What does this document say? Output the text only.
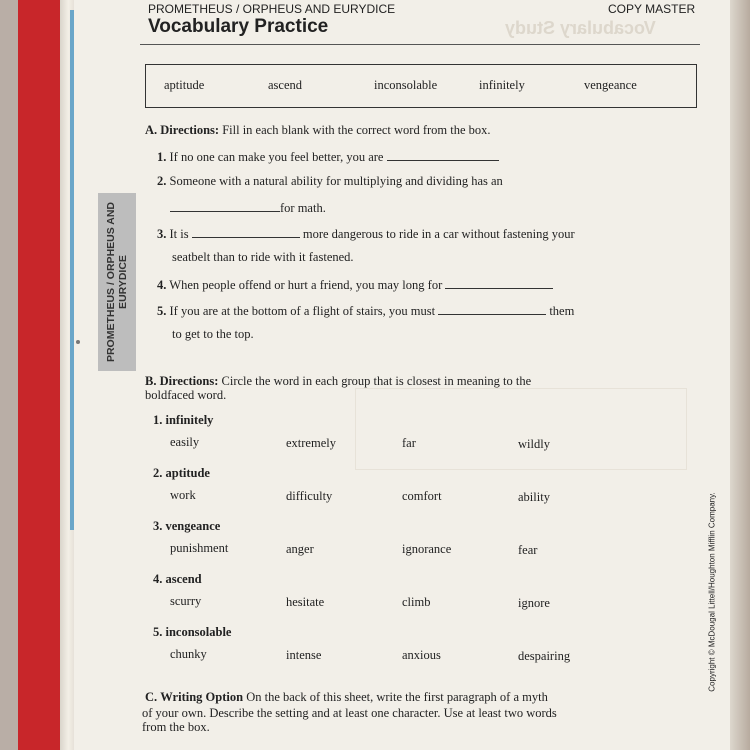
PROMETHEUS / ORPHEUS AND EURYDICE
PROMETHEUS / ORPHEUS AND EURYDICE	COPY MASTER
Vocabulary Practice	Vocabulary Study
aptitude	ascend	inconsolable	infinitely	vengeance
A. Directions: Fill in each blank with the correct word from the box.
1. If no one can make you feel better, you are
2. Someone with a natural ability for multiplying and dividing has an
for math.
3. It is	more dangerous to ride in a car without fastening your
seatbelt than to ride with it fastened.
4. When people offend or hurt a friend, you may long for
5. If you are at the bottom of a flight of stairs, you must	them
to get to the top.
B. Directions: Circle the word in each group that is closest in meaning to the
boldfaced word.
1. infinitely
easily	extremely	far	wildly
2. aptitude
work	difficulty	comfort	ability
3. vengeance
punishment	anger	ignorance	fear
4. ascend
scurry	hesitate	climb	ignore
5. inconsolable
chunky	intense	anxious	despairing
C. Writing Option On the back of this sheet, write the first paragraph of a myth
of your own. Describe the setting and at least one character. Use at least two words
from the box.
Copyright © McDougal Littell/Houghton Mifflin Company.
